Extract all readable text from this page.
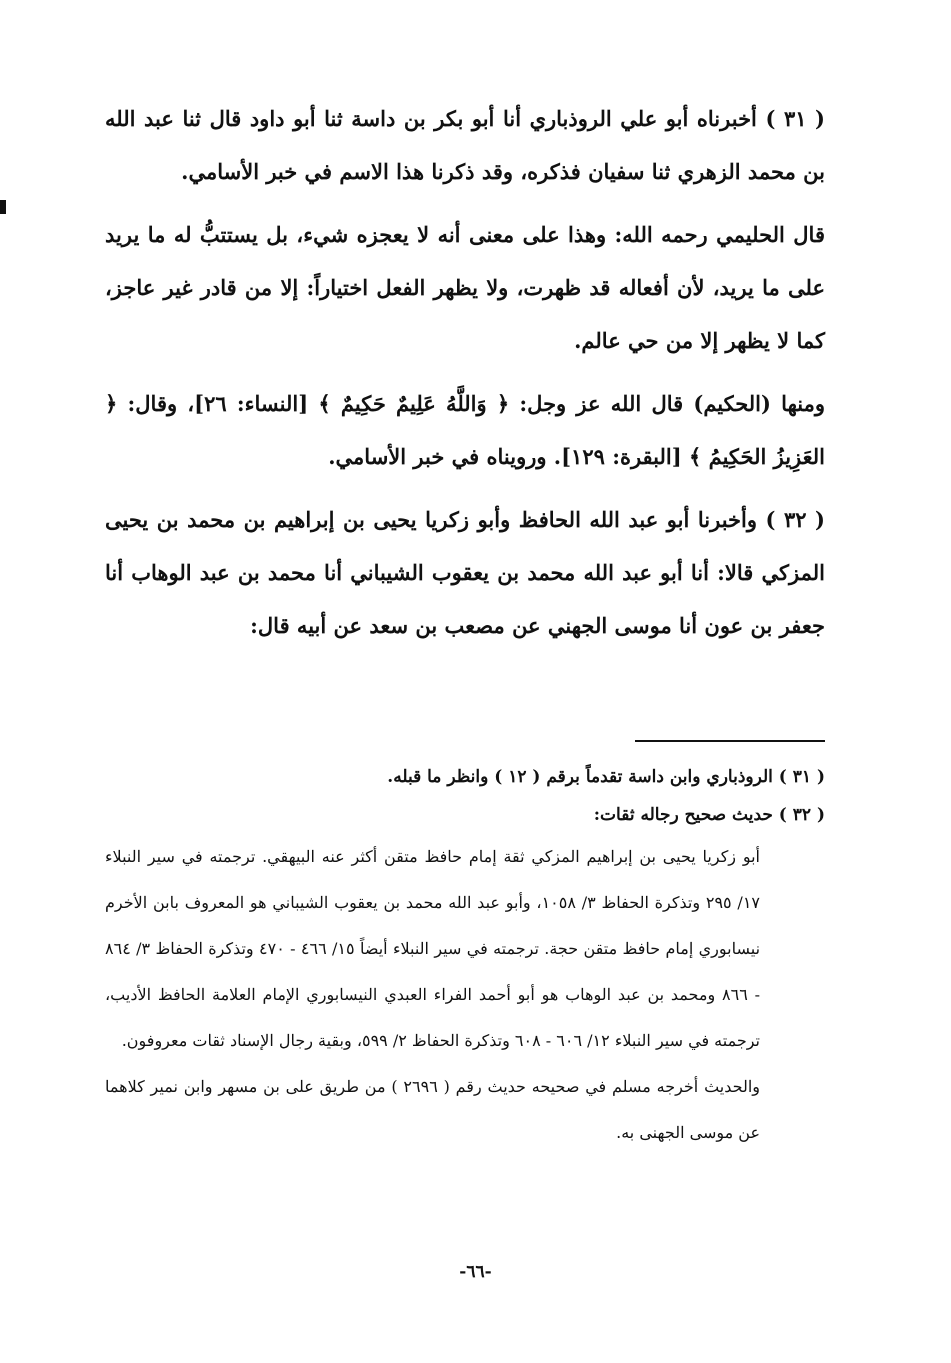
( ٣١ ) أخبرناه أبو علي الروذباري أنا أبو بكر بن داسة ثنا أبو داود قال ثنا عبد الله بن محمد الزهري ثنا سفيان فذكره، وقد ذكرنا هذا الاسم في خبر الأسامي.

قال الحليمي رحمه الله: وهذا على معنى أنه لا يعجزه شيء، بل يستتبُّ له ما يريد على ما يريد، لأن أفعاله قد ظهرت، ولا يظهر الفعل اختياراً: إلا من قادر غير عاجز، كما لا يظهر إلا من حي عالم.

ومنها (الحكيم) قال الله عز وجل: ﴿ وَاللَّهُ عَلِيمٌ حَكِيمٌ ﴾ [النساء: ٢٦]، وقال: ﴿ العَزِيزُ الحَكِيمُ ﴾ [البقرة: ١٢٩]. ورويناه في خبر الأسامي.

( ٣٢ ) وأخبرنا أبو عبد الله الحافظ وأبو زكريا يحيى بن إبراهيم بن محمد بن يحيى المزكي قالا: أنا أبو عبد الله محمد بن يعقوب الشيباني أنا محمد بن عبد الوهاب أنا جعفر بن عون أنا موسى الجهني عن مصعب بن سعد عن أبيه قال:

( ٣١ ) الروذباري وابن داسة تقدماً برقم ( ١٢ ) وانظر ما قبله.

( ٣٢ ) حديث صحيح رجاله ثقات:

أبو زكريا يحيى بن إبراهيم المزكي ثقة إمام حافظ متقن أكثر عنه البيهقي. ترجمته في سير النبلاء ١٧/ ٢٩٥ وتذكرة الحفاظ ٣/ ١٠٥٨، وأبو عبد الله محمد بن يعقوب الشيباني هو المعروف بابن الأخرم نيسابوري إمام حافظ متقن حجة. ترجمته في سير النبلاء أيضاً ١٥/ ٤٦٦ - ٤٧٠ وتذكرة الحفاظ ٣/ ٨٦٤ - ٨٦٦ ومحمد بن عبد الوهاب هو أبو أحمد الفراء العبدي النيسابوري الإمام العلامة الحافظ الأديب، ترجمته في سير النبلاء ١٢/ ٦٠٦ - ٦٠٨ وتذكرة الحفاظ ٢/ ٥٩٩، وبقية رجال الإسناد ثقات معروفون.

والحديث أخرجه مسلم في صحيحه حديث رقم ( ٢٦٩٦ ) من طريق على بن مسهر وابن نمير كلاهما عن موسى الجهنى به.

-٦٦-
